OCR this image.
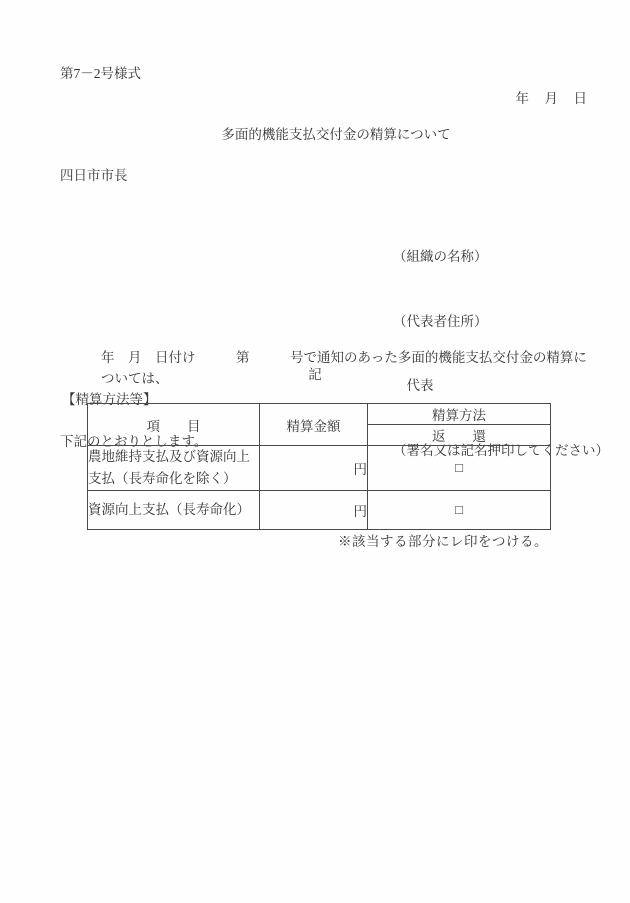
第7－2号様式
年　月　日
多面的機能支払交付金の精算について
四日市市長

（組織の名称）

（代表者住所）

　代表

（署名又は記名押印してください）

年　月　日付け　　　第　　　号で通知のあった多面的機能支払交付金の精算については、

下記のとおりとします。

記
【精算方法等】
項　　目	精算金額	精算方法
		返　　還
農地維持支払及び資源向上支払（長寿命化を除く）	円	□
資源向上支払（長寿命化）	円	□
※該当する部分にレ印をつける。
